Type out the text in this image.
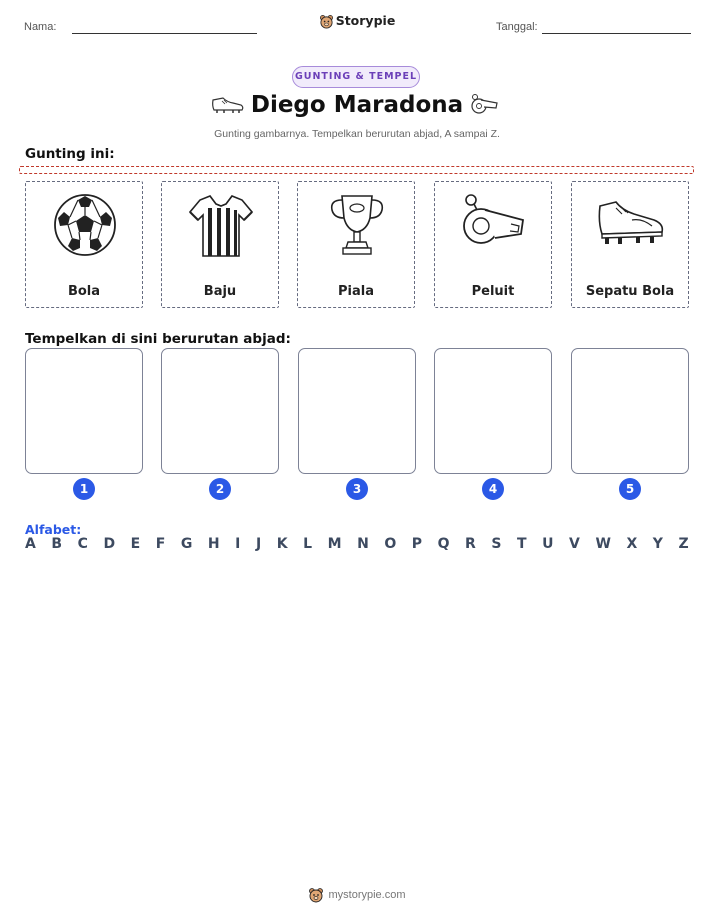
Nama:	Storypie	Tanggal:
GUNTING & TEMPEL
Diego Maradona
Gunting gambarnya. Tempelkan berurutan abjad, A sampai Z.
Gunting ini:
Bola	Baju	Piala	Peluit	Sepatu Bola
Tempelkan di sini berurutan abjad:
1	2	3	4	5
Alfabet:
A B C D E F G H I J K L M N O P Q R S T U V W X Y Z
mystorypie.com
